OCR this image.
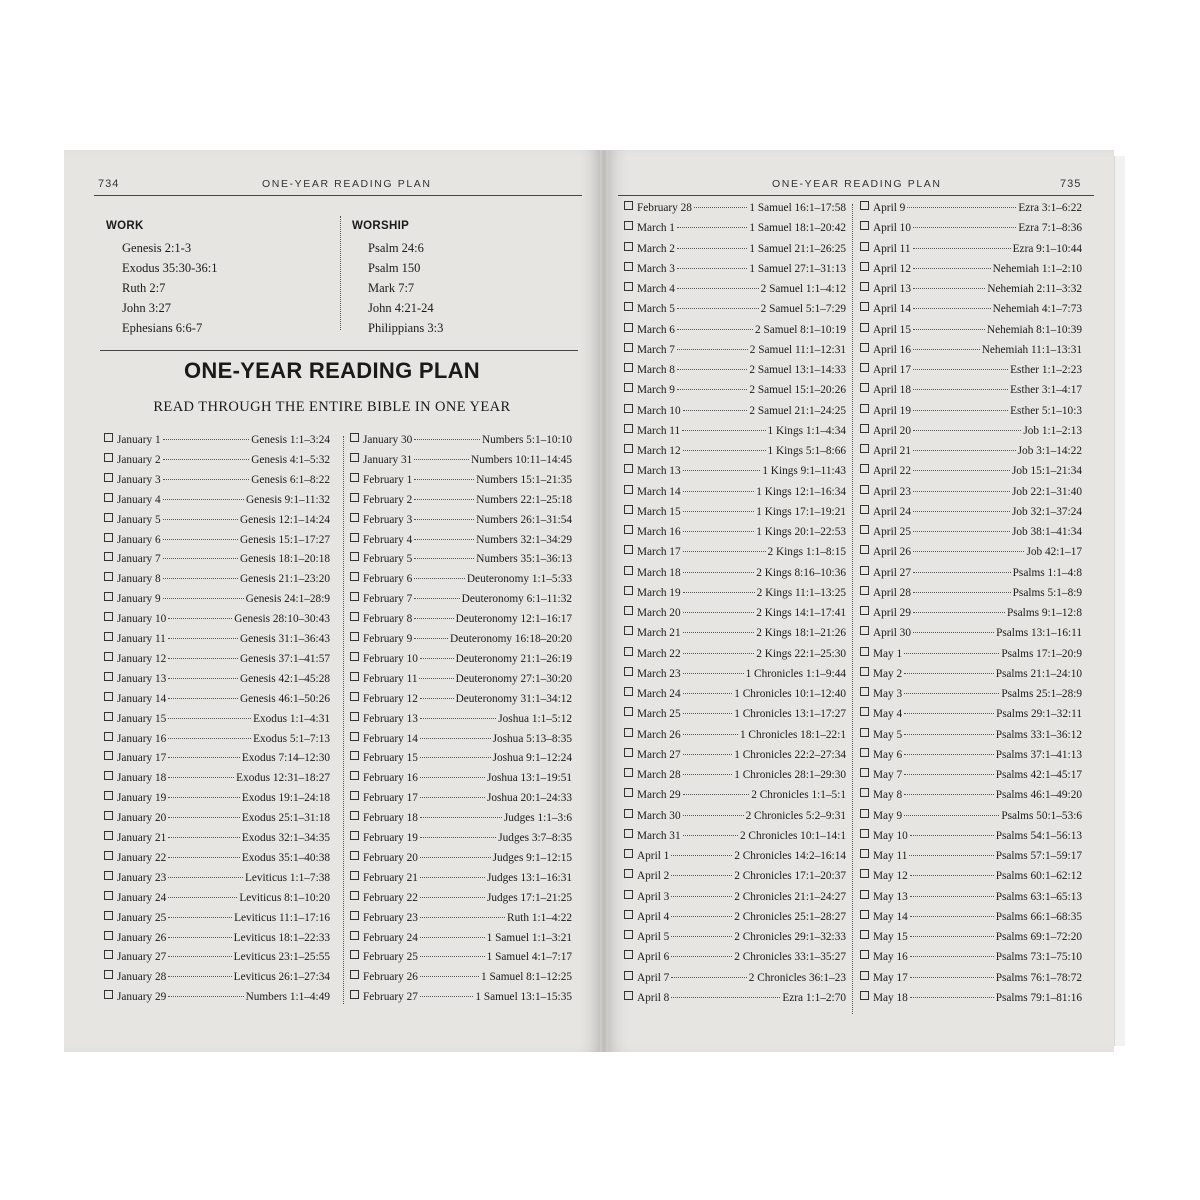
734	ONE-YEAR READING PLAN
WORK
Genesis 2:1-3
Exodus 35:30-36:1
Ruth 2:7
John 3:27
Ephesians 6:6-7
WORSHIP
Psalm 24:6
Psalm 150
Mark 7:7
John 4:21-24
Philippians 3:3
ONE-YEAR READING PLAN
READ THROUGH THE ENTIRE BIBLE IN ONE YEAR
January 1	Genesis 1:1–3:24
January 2	Genesis 4:1–5:32
January 3	Genesis 6:1–8:22
January 4	Genesis 9:1–11:32
January 5	Genesis 12:1–14:24
January 6	Genesis 15:1–17:27
January 7	Genesis 18:1–20:18
January 8	Genesis 21:1–23:20
January 9	Genesis 24:1–28:9
January 10	Genesis 28:10–30:43
January 11	Genesis 31:1–36:43
January 12	Genesis 37:1–41:57
January 13	Genesis 42:1–45:28
January 14	Genesis 46:1–50:26
January 15	Exodus 1:1–4:31
January 16	Exodus 5:1–7:13
January 17	Exodus 7:14–12:30
January 18	Exodus 12:31–18:27
January 19	Exodus 19:1–24:18
January 20	Exodus 25:1–31:18
January 21	Exodus 32:1–34:35
January 22	Exodus 35:1–40:38
January 23	Leviticus 1:1–7:38
January 24	Leviticus 8:1–10:20
January 25	Leviticus 11:1–17:16
January 26	Leviticus 18:1–22:33
January 27	Leviticus 23:1–25:55
January 28	Leviticus 26:1–27:34
January 29	Numbers 1:1–4:49
January 30	Numbers 5:1–10:10
January 31	Numbers 10:11–14:45
February 1	Numbers 15:1–21:35
February 2	Numbers 22:1–25:18
February 3	Numbers 26:1–31:54
February 4	Numbers 32:1–34:29
February 5	Numbers 35:1–36:13
February 6	Deuteronomy 1:1–5:33
February 7	Deuteronomy 6:1–11:32
February 8	Deuteronomy 12:1–16:17
February 9	Deuteronomy 16:18–20:20
February 10	Deuteronomy 21:1–26:19
February 11	Deuteronomy 27:1–30:20
February 12	Deuteronomy 31:1–34:12
February 13	Joshua 1:1–5:12
February 14	Joshua 5:13–8:35
February 15	Joshua 9:1–12:24
February 16	Joshua 13:1–19:51
February 17	Joshua 20:1–24:33
February 18	Judges 1:1–3:6
February 19	Judges 3:7–8:35
February 20	Judges 9:1–12:15
February 21	Judges 13:1–16:31
February 22	Judges 17:1–21:25
February 23	Ruth 1:1–4:22
February 24	1 Samuel 1:1–3:21
February 25	1 Samuel 4:1–7:17
February 26	1 Samuel 8:1–12:25
February 27	1 Samuel 13:1–15:35
ONE-YEAR READING PLAN	735
February 28	1 Samuel 16:1–17:58
March 1	1 Samuel 18:1–20:42
March 2	1 Samuel 21:1–26:25
March 3	1 Samuel 27:1–31:13
March 4	2 Samuel 1:1–4:12
March 5	2 Samuel 5:1–7:29
March 6	2 Samuel 8:1–10:19
March 7	2 Samuel 11:1–12:31
March 8	2 Samuel 13:1–14:33
March 9	2 Samuel 15:1–20:26
March 10	2 Samuel 21:1–24:25
March 11	1 Kings 1:1–4:34
March 12	1 Kings 5:1–8:66
March 13	1 Kings 9:1–11:43
March 14	1 Kings 12:1–16:34
March 15	1 Kings 17:1–19:21
March 16	1 Kings 20:1–22:53
March 17	2 Kings 1:1–8:15
March 18	2 Kings 8:16–10:36
March 19	2 Kings 11:1–13:25
March 20	2 Kings 14:1–17:41
March 21	2 Kings 18:1–21:26
March 22	2 Kings 22:1–25:30
March 23	1 Chronicles 1:1–9:44
March 24	1 Chronicles 10:1–12:40
March 25	1 Chronicles 13:1–17:27
March 26	1 Chronicles 18:1–22:1
March 27	1 Chronicles 22:2–27:34
March 28	1 Chronicles 28:1–29:30
March 29	2 Chronicles 1:1–5:1
March 30	2 Chronicles 5:2–9:31
March 31	2 Chronicles 10:1–14:1
April 1	2 Chronicles 14:2–16:14
April 2	2 Chronicles 17:1–20:37
April 3	2 Chronicles 21:1–24:27
April 4	2 Chronicles 25:1–28:27
April 5	2 Chronicles 29:1–32:33
April 6	2 Chronicles 33:1–35:27
April 7	2 Chronicles 36:1–23
April 8	Ezra 1:1–2:70
April 9	Ezra 3:1–6:22
April 10	Ezra 7:1–8:36
April 11	Ezra 9:1–10:44
April 12	Nehemiah 1:1–2:10
April 13	Nehemiah 2:11–3:32
April 14	Nehemiah 4:1–7:73
April 15	Nehemiah 8:1–10:39
April 16	Nehemiah 11:1–13:31
April 17	Esther 1:1–2:23
April 18	Esther 3:1–4:17
April 19	Esther 5:1–10:3
April 20	Job 1:1–2:13
April 21	Job 3:1–14:22
April 22	Job 15:1–21:34
April 23	Job 22:1–31:40
April 24	Job 32:1–37:24
April 25	Job 38:1–41:34
April 26	Job 42:1–17
April 27	Psalms 1:1–4:8
April 28	Psalms 5:1–8:9
April 29	Psalms 9:1–12:8
April 30	Psalms 13:1–16:11
May 1	Psalms 17:1–20:9
May 2	Psalms 21:1–24:10
May 3	Psalms 25:1–28:9
May 4	Psalms 29:1–32:11
May 5	Psalms 33:1–36:12
May 6	Psalms 37:1–41:13
May 7	Psalms 42:1–45:17
May 8	Psalms 46:1–49:20
May 9	Psalms 50:1–53:6
May 10	Psalms 54:1–56:13
May 11	Psalms 57:1–59:17
May 12	Psalms 60:1–62:12
May 13	Psalms 63:1–65:13
May 14	Psalms 66:1–68:35
May 15	Psalms 69:1–72:20
May 16	Psalms 73:1–75:10
May 17	Psalms 76:1–78:72
May 18	Psalms 79:1–81:16
